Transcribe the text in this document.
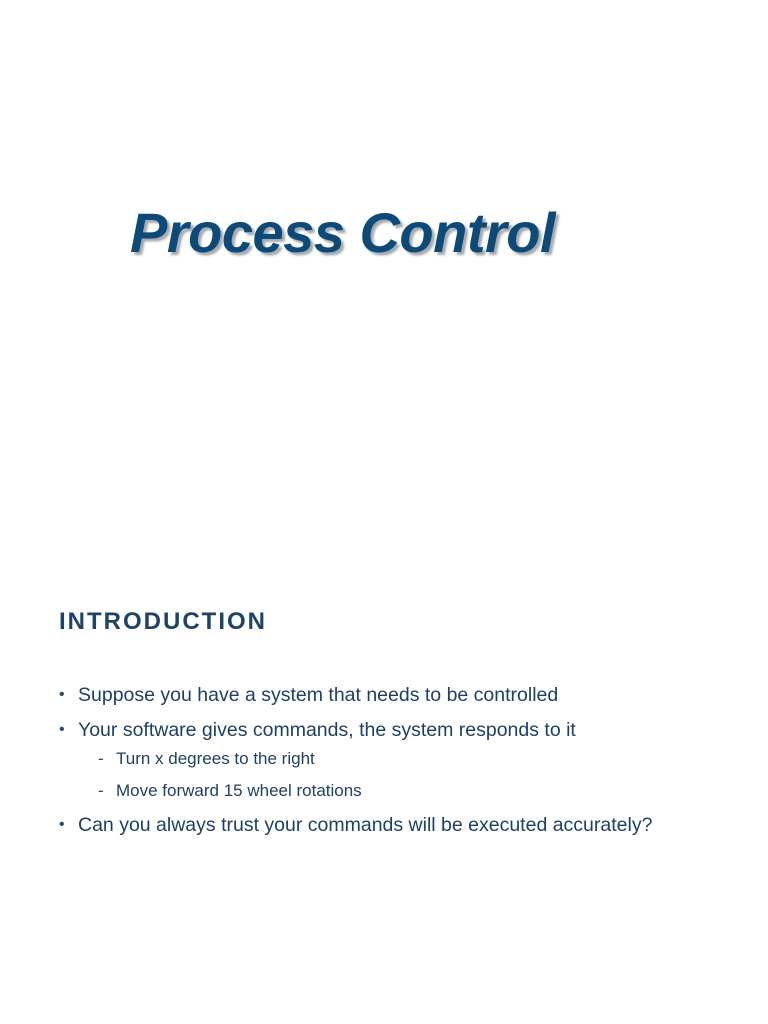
Process Control
INTRODUCTION
• Suppose you have a system that needs to be controlled
• Your software gives commands, the system responds to it
- Turn x degrees to the right
- Move forward 15 wheel rotations
• Can you always trust your commands will be executed accurately?
